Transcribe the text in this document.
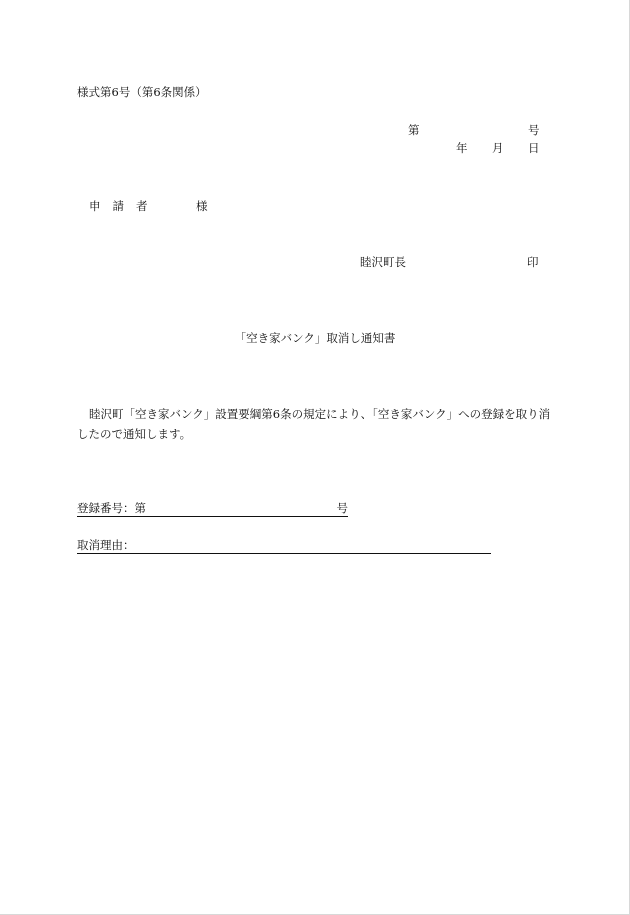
様式第6号（第6条関係）
第	号
年 月 日
申請者	様
睦沢町長	印
「空き家バンク」取消し通知書
睦沢町「空き家バンク」設置要綱第6条の規定により、「空き家バンク」への登録を取り消したので通知します。
登録番号：第	号
取消理由：
